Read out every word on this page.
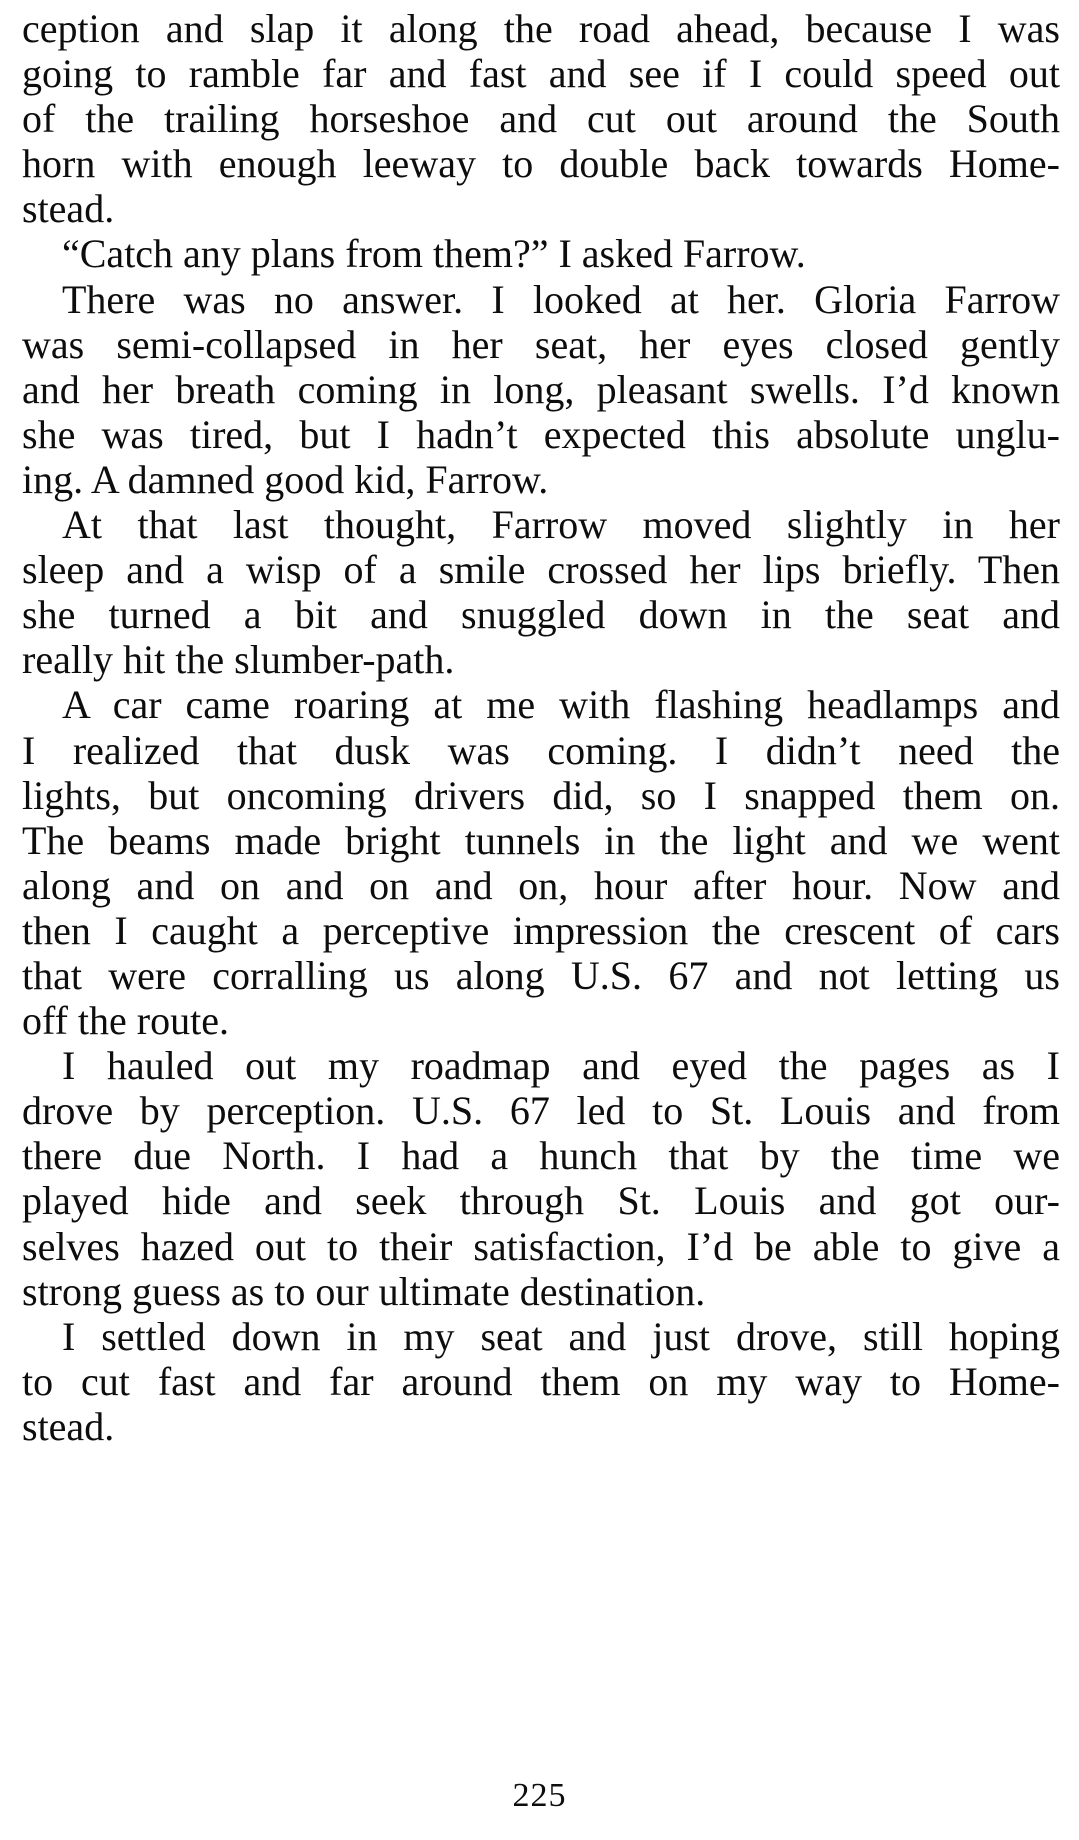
ception and slap it along the road ahead, because I was
going to ramble far and fast and see if I could speed out
of the trailing horseshoe and cut out around the South
horn with enough leeway to double back towards Home-
stead.
“Catch any plans from them?” I asked Farrow.
There was no answer. I looked at her. Gloria Farrow
was semi-collapsed in her seat, her eyes closed gently
and her breath coming in long, pleasant swells. I’d known
she was tired, but I hadn’t expected this absolute unglu-
ing. A damned good kid, Farrow.
At that last thought, Farrow moved slightly in her
sleep and a wisp of a smile crossed her lips briefly. Then
she turned a bit and snuggled down in the seat and
really hit the slumber-path.
A car came roaring at me with flashing headlamps and
I realized that dusk was coming. I didn’t need the
lights, but oncoming drivers did, so I snapped them on.
The beams made bright tunnels in the light and we went
along and on and on and on, hour after hour. Now and
then I caught a perceptive impression the crescent of cars
that were corralling us along U.S. 67 and not letting us
off the route.
I hauled out my roadmap and eyed the pages as I
drove by perception. U.S. 67 led to St. Louis and from
there due North. I had a hunch that by the time we
played hide and seek through St. Louis and got our-
selves hazed out to their satisfaction, I’d be able to give a
strong guess as to our ultimate destination.
I settled down in my seat and just drove, still hoping
to cut fast and far around them on my way to Home-
stead.
225
